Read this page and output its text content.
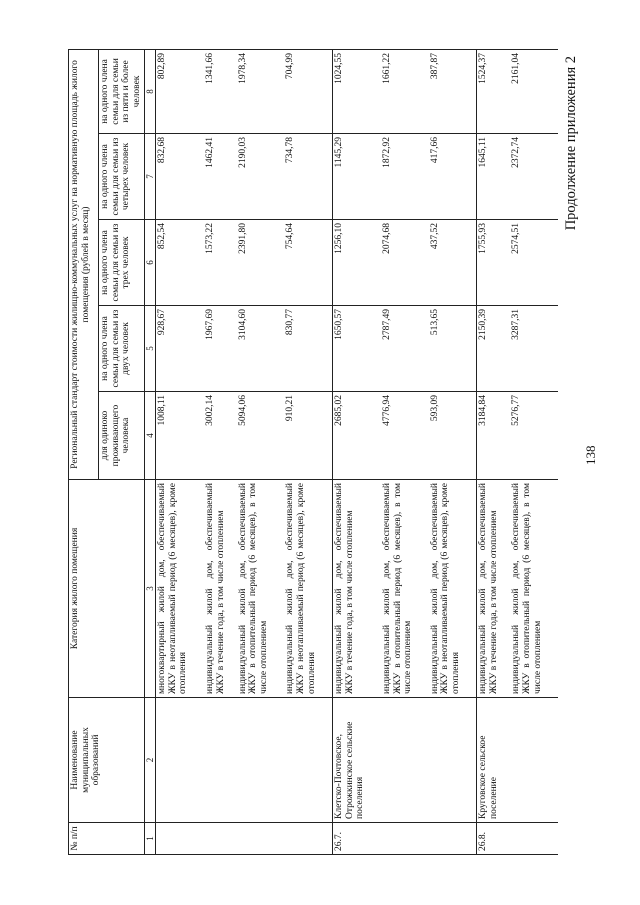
138
Продолжение приложения 2
№ п/п	Наименование муниципальных образований	Категория жилого помещения	Региональный стандарт стоимости жилищно-коммунальных услуг на нормативную площадь жилого помещения (рублей в месяц)				
			для одиноко проживающего человека	на одного члена семьи для семьи из двух человек	на одного члена семьи для семьи из трех человек	на одного члена семьи для семьи из четырех человек	на одного члена семьи для семьи из пяти и более человек
1	2	3	4	5	6	7	8
		многоквартирный жилой дом, обеспечиваемый ЖКУ в неотапливаемый период (6 месяцев), кроме отопления	1008,11	928,67	852,54	832,68	802,89
		индивидуальный жилой дом, обеспечиваемый ЖКУ в течение года, в том числе отоплением	3002,14	1967,69	1573,22	1462,41	1341,66
		индивидуальный жилой дом, обеспечиваемый ЖКУ в отопительный период (6 месяцев), в том числе отоплением	5094,06	3104,60	2391,80	2190,03	1978,34
		индивидуальный жилой дом, обеспечиваемый ЖКУ в неотапливаемый период (6 месяцев), кроме отопления	910,21	830,77	754,64	734,78	704,99
26.7.	Клетско-Почтовское, Отрожкинское сельские поселения	индивидуальный жилой дом, обеспечиваемый ЖКУ в течение года, в том числе отоплением	2685,02	1650,57	1256,10	1145,29	1024,55
		индивидуальный жилой дом, обеспечиваемый ЖКУ в отопительный период (6 месяцев), в том числе отоплением	4776,94	2787,49	2074,68	1872,92	1661,22
		индивидуальный жилой дом, обеспечиваемый ЖКУ в неотапливаемый период (6 месяцев), кроме отопления	593,09	513,65	437,52	417,66	387,87
26.8.	Круговское сельское поселение	индивидуальный жилой дом, обеспечиваемый ЖКУ в течение года, в том числе отоплением	3184,84	2150,39	1755,93	1645,11	1524,37
		индивидуальный жилой дом, обеспечиваемый ЖКУ в отопительный период (6 месяцев), в том числе отоплением	5276,77	3287,31	2574,51	2372,74	2161,04
